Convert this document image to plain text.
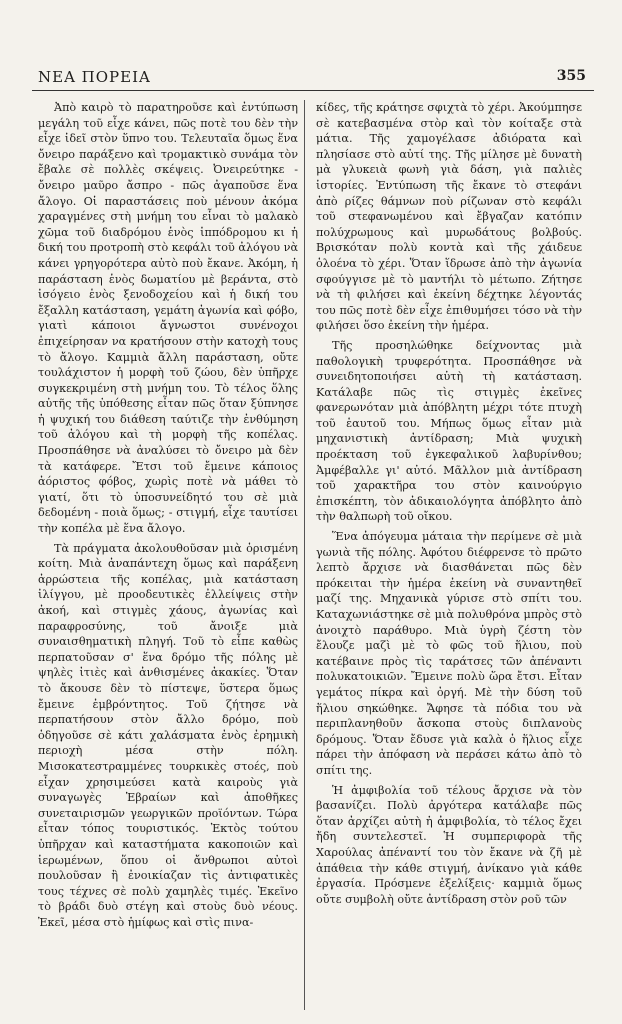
ΝΕΑ ΠΟΡΕΙΑ	355

Ἀπὸ καιρὸ τὸ παρατηροῦσε καὶ ἐντύπωση μεγάλη τοῦ εἶχε κάνει, πῶς ποτὲ του δὲν τὴν εἶχε ἰδεῖ στὸν ὕπνο του. Τελευταῖα ὅμως ἕνα ὄνειρο παράξενο καὶ τρομακτικὸ συνάμα τὸν ἔβαλε σὲ πολλὲς σκέψεις. Ὀνειρεύτηκε - ὄνειρο μαῦρο ἄσπρο - πῶς ἀγαποῦσε ἕνα ἄλογο. Οἱ παραστάσεις ποὺ μένουν ἀκόμα χαραγμένες στὴ μνήμη του εἶναι τὸ μαλακὸ χῶμα τοῦ διαδρόμου ἑνὸς ἱππόδρομου κι ἡ δική του προτροπὴ στὸ κεφάλι τοῦ ἀλόγου νὰ κάνει γρηγορότερα αὐτὸ ποὺ ἔκανε. Ἀκόμη, ἡ παράσταση ἑνὸς δωματίου μὲ βεράντα, στὸ ἰσόγειο ἑνὸς ξενοδοχείου καὶ ἡ δική του ἔξαλλη κατάσταση, γεμάτη ἀγωνία καὶ φόβο, γιατὶ κάποιοι ἄγνωστοι συνένοχοι ἐπιχείρησαν να κρατήσουν στὴν κατοχὴ τους τὸ ἄλογο. Καμμιὰ ἄλλη παράσταση, οὔτε τουλάχιστον ἡ μορφὴ τοῦ ζώου, δὲν ὑπῆρχε συγκεκριμένη στὴ μνήμη του. Τὸ τέλος ὅλης αὐτῆς τῆς ὑπόθεσης εἶταν πῶς ὅταν ξύπνησε ἡ ψυχική του διάθεση ταύτιζε τὴν ἐνθύμηση τοῦ ἀλόγου καὶ τὴ μορφὴ τῆς κοπέλας. Προσπάθησε νὰ ἀναλύσει τὸ ὄνειρο μὰ δὲν τὰ κατάφερε. Ἔτσι τοῦ ἔμεινε κάποιος ἀόριστος φόβος, χωρὶς ποτὲ νὰ μάθει τὸ γιατί, ὅτι τὸ ὑποσυνείδητό του σὲ μιὰ δεδομένη - ποιὰ ὅμως; - στιγμή, εἶχε ταυτίσει τὴν κοπέλα μὲ ἕνα ἄλογο.

Τὰ πράγματα ἀκολουθοῦσαν μιὰ ὁρισμένη κοίτη. Μιὰ ἀναπάντεχη ὅμως καὶ παράξενη ἀρρώστεια τῆς κοπέλας, μιὰ κατάσταση ἰλίγγου, μὲ προοδευτικὲς ἐλλείψεις στὴν ἀκοή, καὶ στιγμὲς χάους, ἀγωνίας καὶ παραφροσύνης, τοῦ ἄνοιξε μιὰ συναισθηματικὴ πληγή. Τοῦ τὸ εἶπε καθὼς περπατοῦσαν σ' ἕνα δρόμο τῆς πόλης μὲ ψηλὲς ἰτιὲς καὶ ἀνθισμένες ἀκακίες. Ὅταν τὸ ἄκουσε δὲν τὸ πίστεψε, ὕστερα ὅμως ἔμεινε ἐμβρόντητος. Τοῦ ζήτησε νὰ περπατήσουν στὸν ἄλλο δρόμο, ποὺ ὁδηγοῦσε σὲ κάτι χαλάσματα ἐνὸς ἐρημικὴ περιοχὴ μέσα στὴν πόλη. Μισοκατεστραμμένες τουρκικὲς στοές, ποὺ εἶχαν χρησιμεύσει κατὰ καιροὺς γιὰ συναγωγὲς Ἑβραίων καὶ ἀποθῆκες συνεταιρισμῶν γεωργικῶν προϊόντων. Τώρα εἶταν τόπος τουριστικός. Ἐκτὸς τούτου ὑπῆρχαν καὶ καταστήματα κακοποιῶν καὶ ἱερωμένων, ὅπου οἱ ἄνθρωποι αὐτοὶ πουλοῦσαν ἢ ἐνοικίαζαν τὶς ἀντιφατικὲς τους τέχνες σὲ πολὺ χαμηλὲς τιμές. Ἐκεῖνο τὸ βράδι δυὸ στέγη καὶ στοὺς δυὸ νέους. Ἐκεῖ, μέσα στὸ ἡμίφως καὶ στὶς πινα-

κίδες, τῆς κράτησε σφιχτὰ τὸ χέρι. Ἀκούμπησε σὲ κατεβασμένα στὸρ καὶ τὸν κοίταξε στὰ μάτια. Τῆς χαμογέλασε ἀδιόρατα καὶ πλησίασε στὸ αὐτί της. Τῆς μίλησε μὲ δυνατὴ μὰ γλυκειὰ φωνὴ γιὰ δάση, γιὰ παλιὲς ἱστορίες. Ἐντύπωση τῆς ἔκανε τὸ στεφάνι ἀπὸ ρίζες θάμνων ποὺ ρίζωναν στὸ κεφάλι τοῦ στεφανωμένου καὶ ἔβγαζαν κατόπιν πολύχρωμους καὶ μυρωδάτους βολβούς. Βρισκόταν πολὺ κοντὰ καὶ τῆς χάιδευε ὁλοένα τὸ χέρι. Ὅταν ἵδρωσε ἀπὸ τὴν ἀγωνία σφούγγισε μὲ τὸ μαντήλι τὸ μέτωπο. Ζήτησε νὰ τὴ φιλήσει καὶ ἐκείνη δέχτηκε λέγοντάς του πῶς ποτὲ δὲν εἶχε ἐπιθυμήσει τόσο νὰ τὴν φιλήσει ὅσο ἐκείνη τὴν ἡμέρα.

Τῆς προσηλώθηκε δείχνοντας μιὰ παθολογικὴ τρυφερότητα. Προσπάθησε νὰ συνειδητοποιήσει αὐτὴ τὴ κατάσταση. Κατάλαβε πῶς τὶς στιγμὲς ἐκεῖνες φανερωνόταν μιὰ ἀπόβλητη μέχρι τότε πτυχὴ τοῦ ἑαυτοῦ του. Μήπως ὅμως εἶταν μιὰ μηχανιστικὴ ἀντίδραση; Μιὰ ψυχικὴ προέκταση τοῦ ἐγκεφαλικοῦ λαβυρίνθου; Ἀμφέβαλλε γι' αὐτό. Μᾶλλον μιὰ ἀντίδραση τοῦ χαρακτῆρα του στὸν καινούργιο ἐπισκέπτη, τὸν ἀδικαιολόγητα ἀπόβλητο ἀπὸ τὴν θαλπωρὴ τοῦ οἴκου.

Ἕνα ἀπόγευμα μάταια τὴν περίμενε σὲ μιὰ γωνιὰ τῆς πόλης. Ἀφότου διέφρενσε τὸ πρῶτο λεπτὸ ἄρχισε νὰ διασθάνεται πῶς δὲν πρόκειται τὴν ἡμέρα ἐκείνη νὰ συναντηθεῖ μαζί της. Μηχανικὰ γύρισε στὸ σπίτι του. Καταχωνιάστηκε σὲ μιὰ πολυθρόνα μπρὸς στὸ ἀνοιχτὸ παράθυρο. Μιὰ ὑγρὴ ζέστη τὸν ἔλουζε μαζὶ μὲ τὸ φῶς τοῦ ἥλιου, ποὺ κατέβαινε πρὸς τὶς ταράτσες τῶν ἀπέναντι πολυκατοικιῶν. Ἔμεινε πολὺ ὥρα ἔτσι. Εἶταν γεμάτος πίκρα καὶ ὀργή. Μὲ τὴν δύση τοῦ ἥλιου σηκώθηκε. Ἄφησε τὰ πόδια του νὰ περιπλανηθοῦν ἄσκοπα στοὺς διπλανοὺς δρόμους. Ὅταν ἔδυσε γιὰ καλὰ ὁ ἥλιος εἶχε πάρει τὴν ἀπόφαση νὰ περάσει κάτω ἀπὸ τὸ σπίτι της.

Ἡ ἀμφιβολία τοῦ τέλους ἄρχισε νὰ τὸν βασανίζει. Πολὺ ἀργότερα κατάλαβε πῶς ὅταν ἀρχίζει αὐτὴ ἡ ἀμφιβολία, τὸ τέλος ἔχει ἤδη συντελεστεῖ. Ἡ συμπεριφορὰ τῆς Χαρούλας ἀπέναντί του τὸν ἔκανε νὰ ζῆ μὲ ἀπάθεια τὴν κάθε στιγμή, ἀνίκανο γιὰ κάθε ἐργασία. Πρόσμενε ἐξελίξεις· καμμιὰ ὅμως οὔτε συμβολὴ οὔτε ἀντίδραση στὸν ροῦ τῶν
